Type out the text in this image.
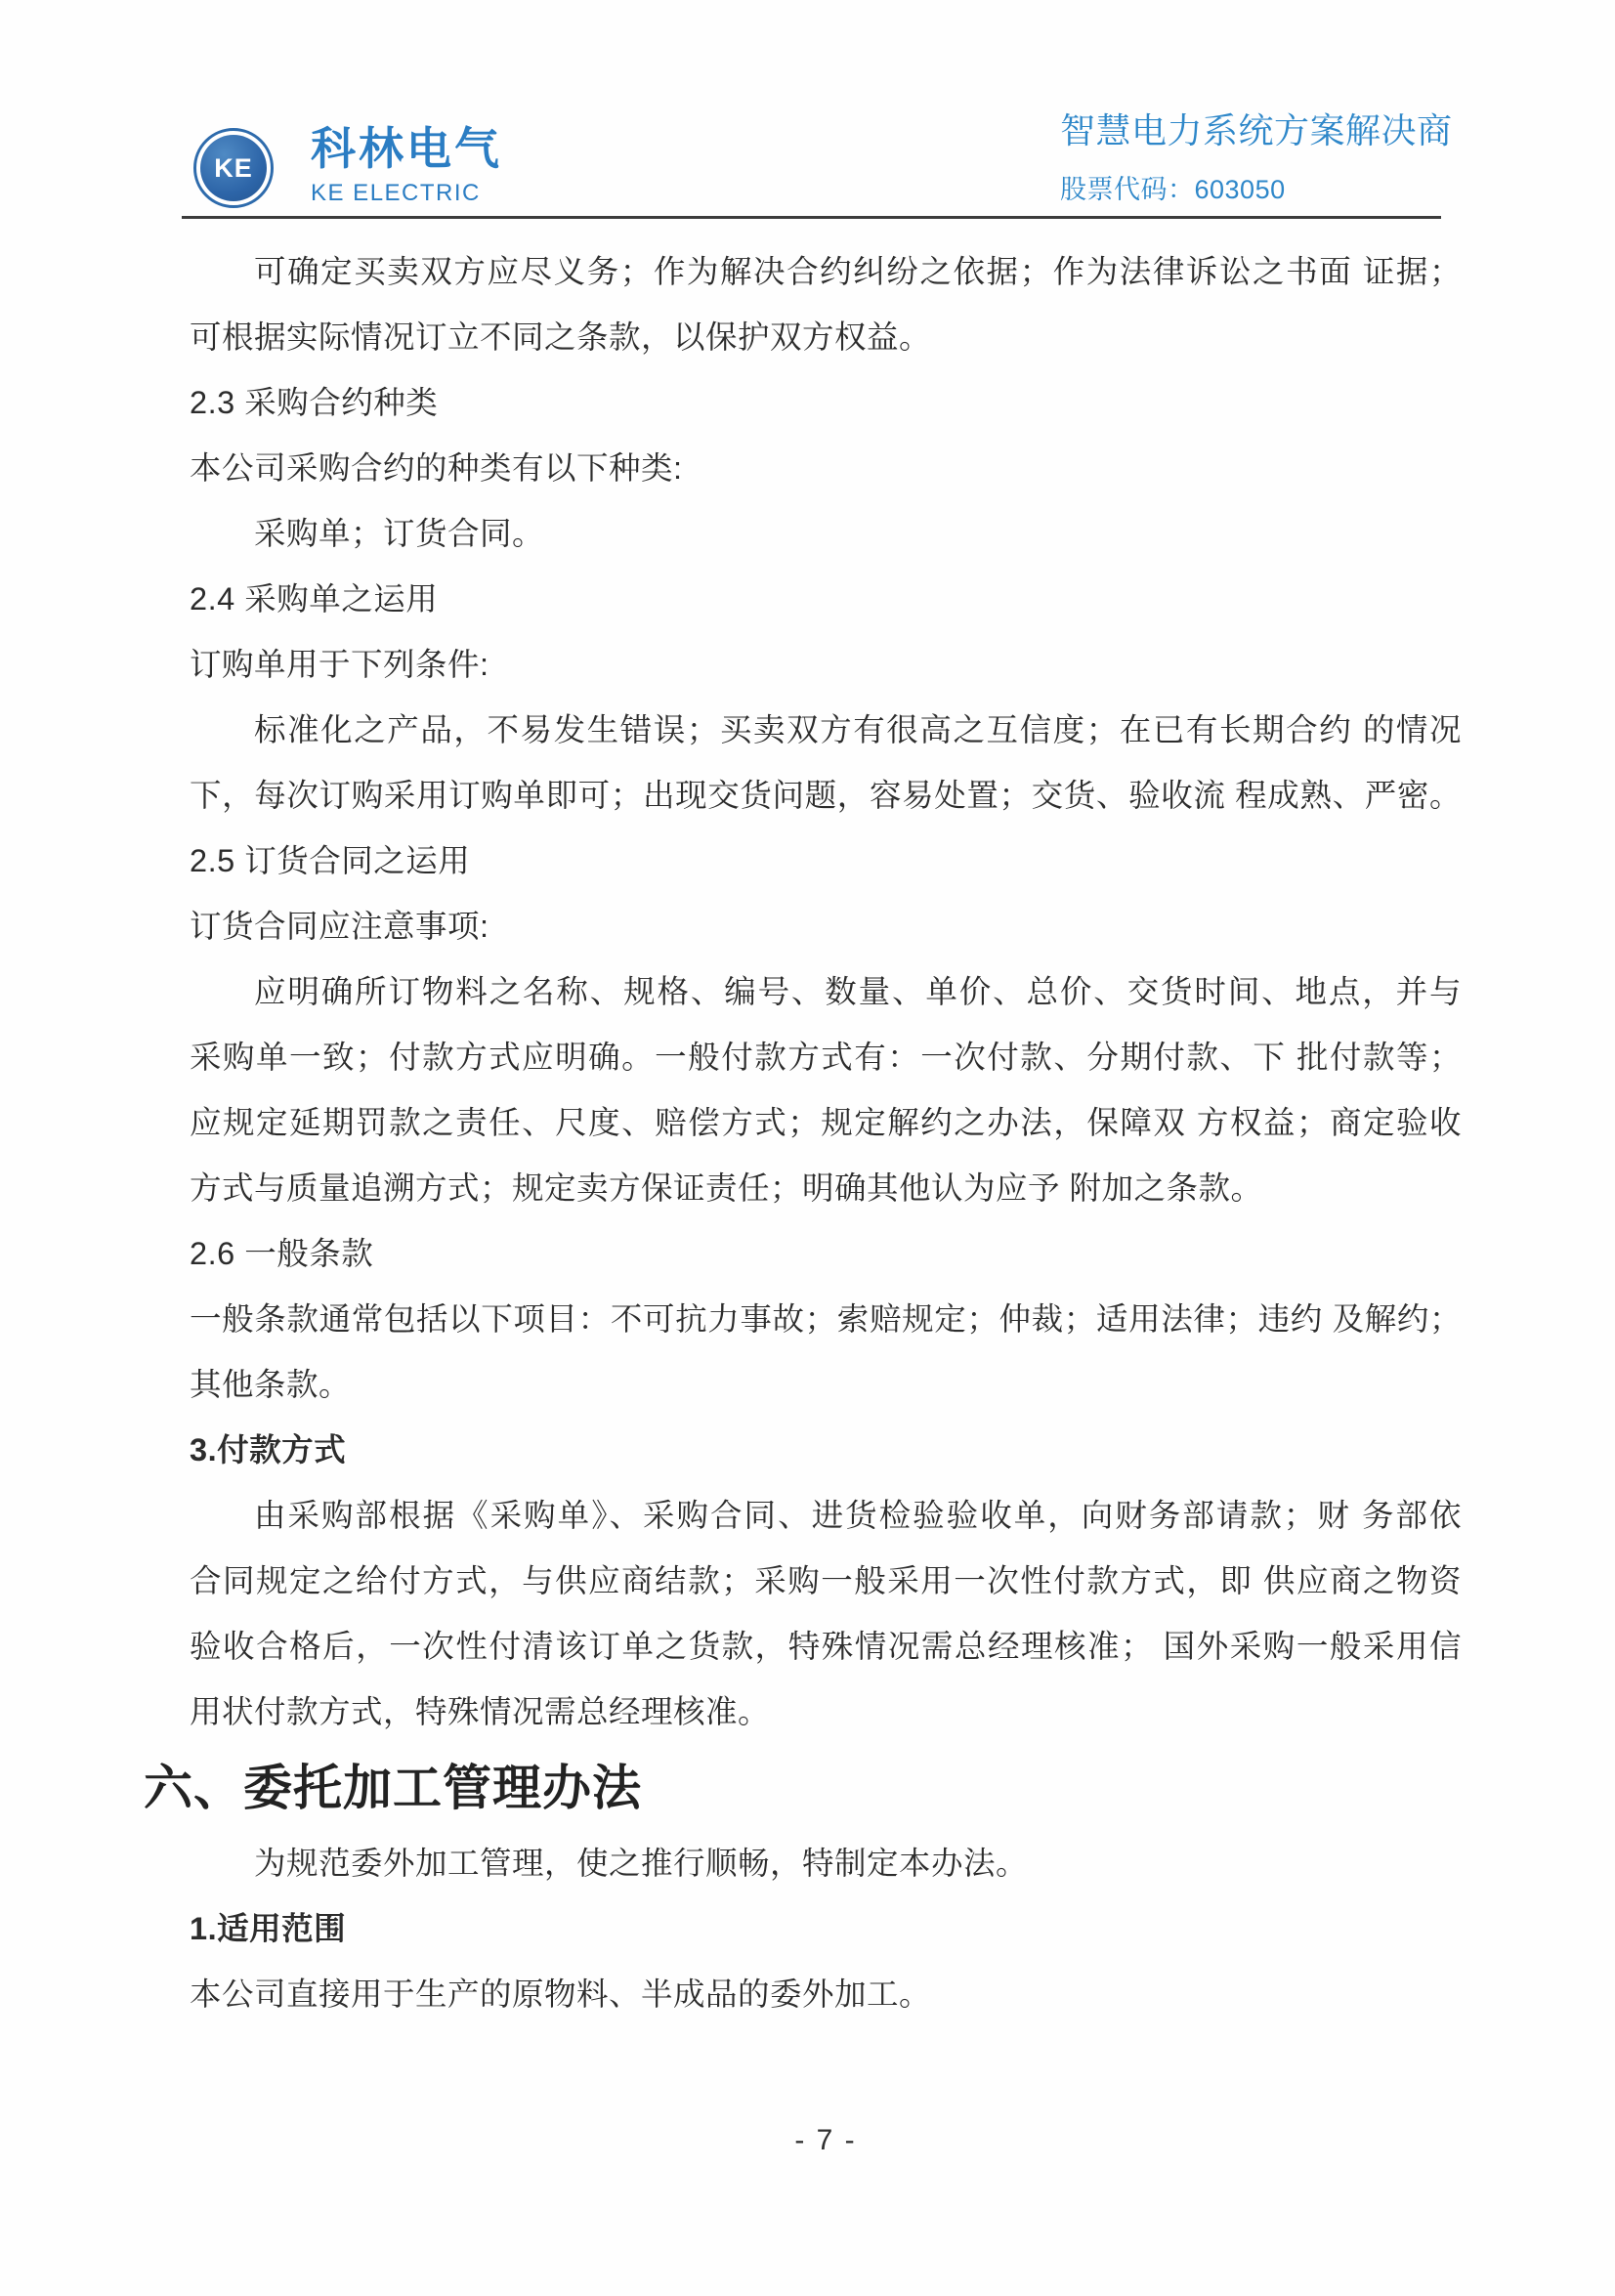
KE 科林电气
KE ELECTRIC
智慧电力系统方案解决商
股票代码：603050
可确定买卖双方应尽义务；作为解决合约纠纷之依据；作为法律诉讼之书面 证据；
可根据实际情况订立不同之条款，以保护双方权益。
2.3 采购合约种类
本公司采购合约的种类有以下种类:
采购单；订货合同。
2.4 采购单之运用
订购单用于下列条件:
标准化之产品，不易发生错误；买卖双方有很高之互信度；在已有长期合约 的情况
下，每次订购采用订购单即可；出现交货问题，容易处置；交货、验收流 程成熟、严密。
2.5 订货合同之运用
订货合同应注意事项:
应明确所订物料之名称、规格、编号、数量、单价、总价、交货时间、地点，并与
采购单一致；付款方式应明确。一般付款方式有：一次付款、分期付款、下 批付款等；
应规定延期罚款之责任、尺度、赔偿方式；规定解约之办法，保障双 方权益；商定验收
方式与质量追溯方式；规定卖方保证责任；明确其他认为应予 附加之条款。
2.6 一般条款
一般条款通常包括以下项目：不可抗力事故；索赔规定；仲裁；适用法律；违约 及解约；
其他条款。
3.付款方式
由采购部根据《采购单》、采购合同、进货检验验收单，向财务部请款；财 务部依
合同规定之给付方式，与供应商结款；采购一般采用一次性付款方式，即 供应商之物资
验收合格后，一次性付清该订单之货款，特殊情况需总经理核准； 国外采购一般采用信
用状付款方式，特殊情况需总经理核准。
六、委托加工管理办法
为规范委外加工管理，使之推行顺畅，特制定本办法。
1.适用范围
本公司直接用于生产的原物料、半成品的委外加工。
- 7 -
